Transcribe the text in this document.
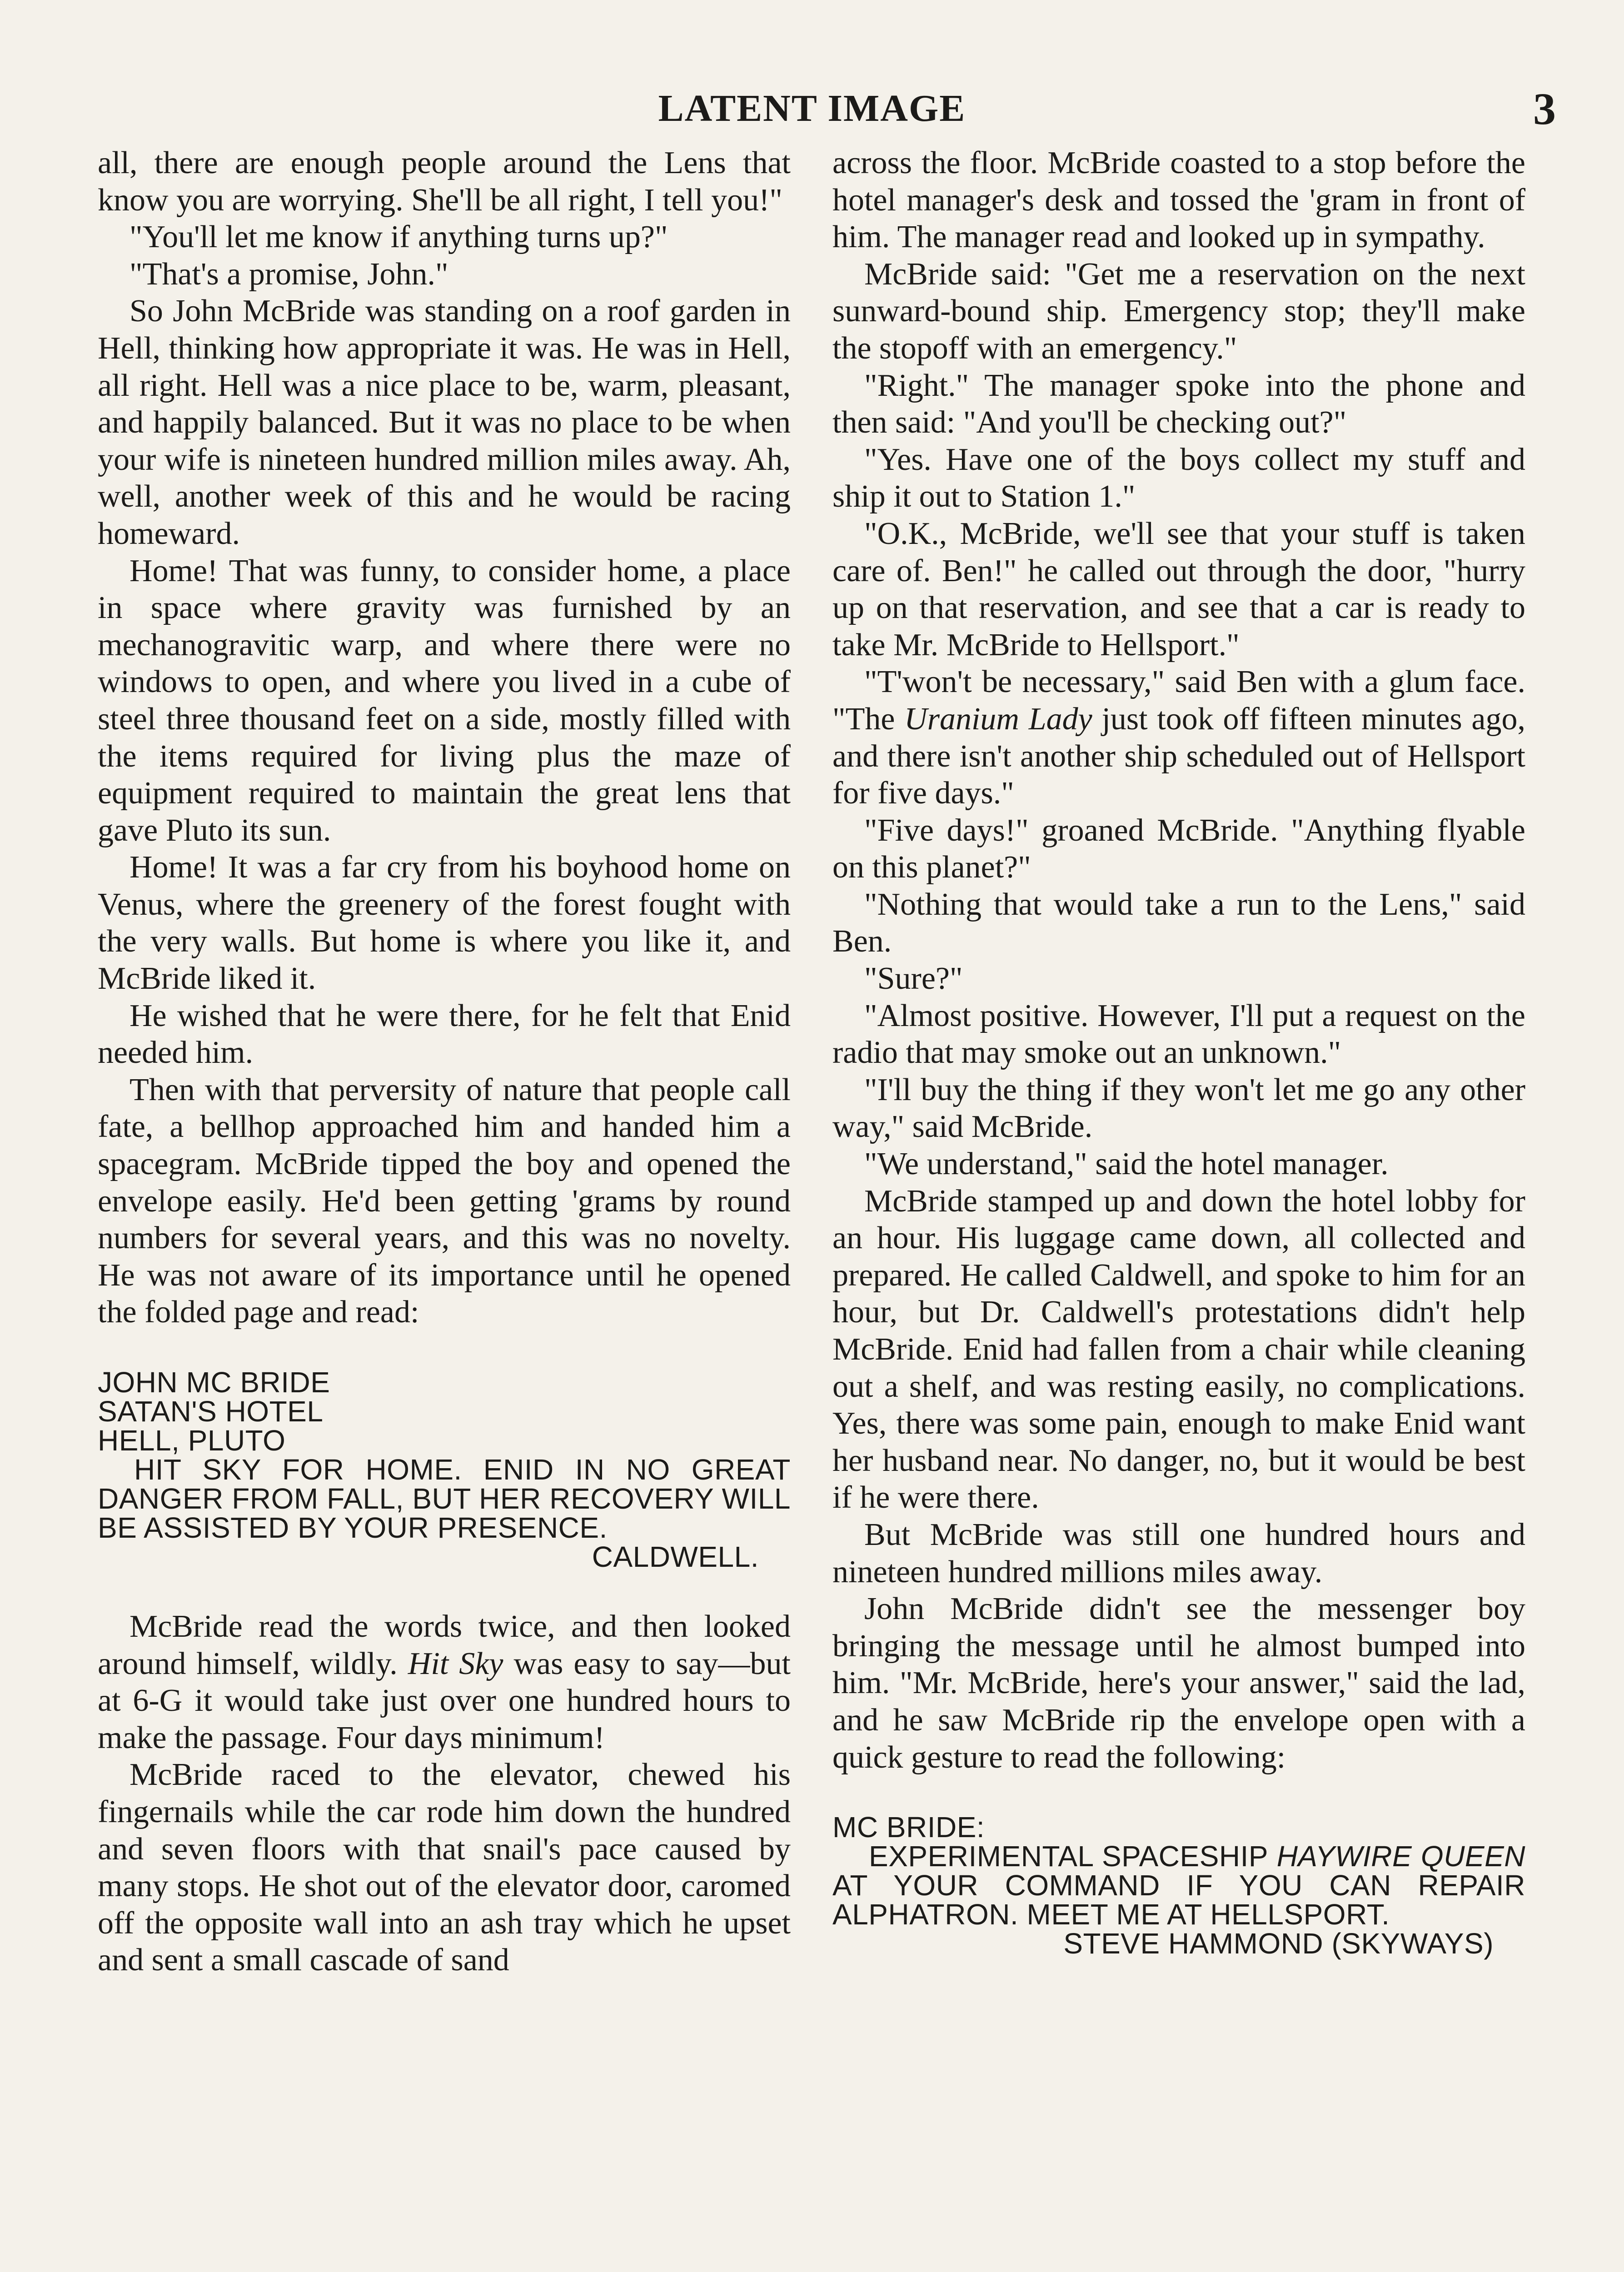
LATENT IMAGE	3

all, there are enough people around the Lens that know you are worrying. She'll be all right, I tell you!"

"You'll let me know if anything turns up?"

"That's a promise, John."

So John McBride was standing on a roof garden in Hell, thinking how appropriate it was. He was in Hell, all right. Hell was a nice place to be, warm, pleasant, and happily balanced. But it was no place to be when your wife is nineteen hundred million miles away. Ah, well, another week of this and he would be racing homeward.

Home! That was funny, to consider home, a place in space where gravity was furnished by an mechanogravitic warp, and where there were no windows to open, and where you lived in a cube of steel three thousand feet on a side, mostly filled with the items required for living plus the maze of equipment required to maintain the great lens that gave Pluto its sun.

Home! It was a far cry from his boyhood home on Venus, where the greenery of the forest fought with the very walls. But home is where you like it, and McBride liked it.

He wished that he were there, for he felt that Enid needed him.

Then with that perversity of nature that people call fate, a bellhop approached him and handed him a spacegram. McBride tipped the boy and opened the envelope easily. He'd been getting 'grams by round numbers for several years, and this was no novelty. He was not aware of its importance until he opened the folded page and read:

JOHN MC BRIDE
SATAN'S HOTEL
HELL, PLUTO
HIT SKY FOR HOME. ENID IN NO GREAT DANGER FROM FALL, BUT HER RECOVERY WILL BE ASSISTED BY YOUR PRESENCE.
CALDWELL.

McBride read the words twice, and then looked around himself, wildly. Hit Sky was easy to say—but at 6-G it would take just over one hundred hours to make the passage. Four days minimum!

McBride raced to the elevator, chewed his fingernails while the car rode him down the hundred and seven floors with that snail's pace caused by many stops. He shot out of the elevator door, caromed off the opposite wall into an ash tray which he upset and sent a small cascade of sand

across the floor. McBride coasted to a stop before the hotel manager's desk and tossed the 'gram in front of him. The manager read and looked up in sympathy.

McBride said: "Get me a reservation on the next sunward-bound ship. Emergency stop; they'll make the stopoff with an emergency."

"Right." The manager spoke into the phone and then said: "And you'll be checking out?"

"Yes. Have one of the boys collect my stuff and ship it out to Station 1."

"O.K., McBride, we'll see that your stuff is taken care of. Ben!" he called out through the door, "hurry up on that reservation, and see that a car is ready to take Mr. McBride to Hellsport."

"T'won't be necessary," said Ben with a glum face. "The Uranium Lady just took off fifteen minutes ago, and there isn't another ship scheduled out of Hellsport for five days."

"Five days!" groaned McBride. "Anything flyable on this planet?"

"Nothing that would take a run to the Lens," said Ben.

"Sure?"

"Almost positive. However, I'll put a request on the radio that may smoke out an unknown."

"I'll buy the thing if they won't let me go any other way," said McBride.

"We understand," said the hotel manager.

McBride stamped up and down the hotel lobby for an hour. His luggage came down, all collected and prepared. He called Caldwell, and spoke to him for an hour, but Dr. Caldwell's protestations didn't help McBride. Enid had fallen from a chair while cleaning out a shelf, and was resting easily, no complications. Yes, there was some pain, enough to make Enid want her husband near. No danger, no, but it would be best if he were there.

But McBride was still one hundred hours and nineteen hundred millions miles away.

John McBride didn't see the messenger boy bringing the message until he almost bumped into him. "Mr. McBride, here's your answer," said the lad, and he saw McBride rip the envelope open with a quick gesture to read the following:

MC BRIDE:
EXPERIMENTAL SPACESHIP HAYWIRE QUEEN AT YOUR COMMAND IF YOU CAN REPAIR ALPHATRON. MEET ME AT HELLSPORT.
STEVE HAMMOND (SKYWAYS)
